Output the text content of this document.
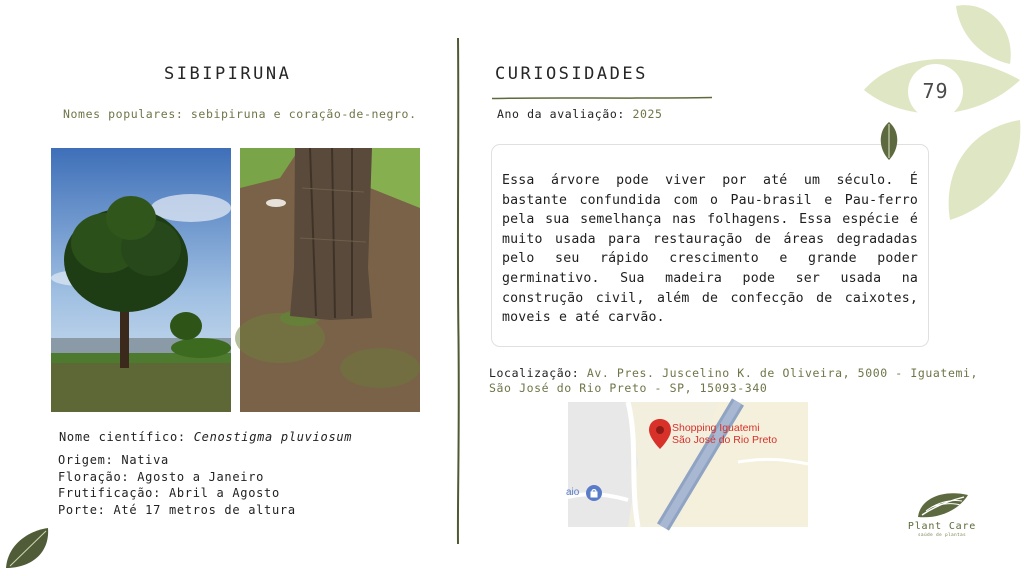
SIBIPIRUNA
Nomes populares: sebipiruna e coração-de-negro.
Nome científico: Cenostigma pluviosum
Origem: Nativa
Floração: Agosto a Janeiro
Frutificação: Abril a Agosto
Porte: Até 17 metros de altura
CURIOSIDADES
Ano da avaliação: 2025
Essa árvore pode viver por até um século. É bastante confundida com o Pau-brasil e Pau-ferro pela sua semelhança nas folhagens. Essa espécie é muito usada para restauração de áreas degradadas pelo seu rápido crescimento e grande poder germinativo. Sua madeira pode ser usada na construção civil, além de confecção de caixotes, moveis e até carvão.
Localização: Av. Pres. Juscelino K. de Oliveira, 5000 - Iguatemi, São José do Rio Preto - SP, 15093-340
Shopping Iguatemi
São José do Rio Preto
aio
79
Plant Care
saúde de plantas
